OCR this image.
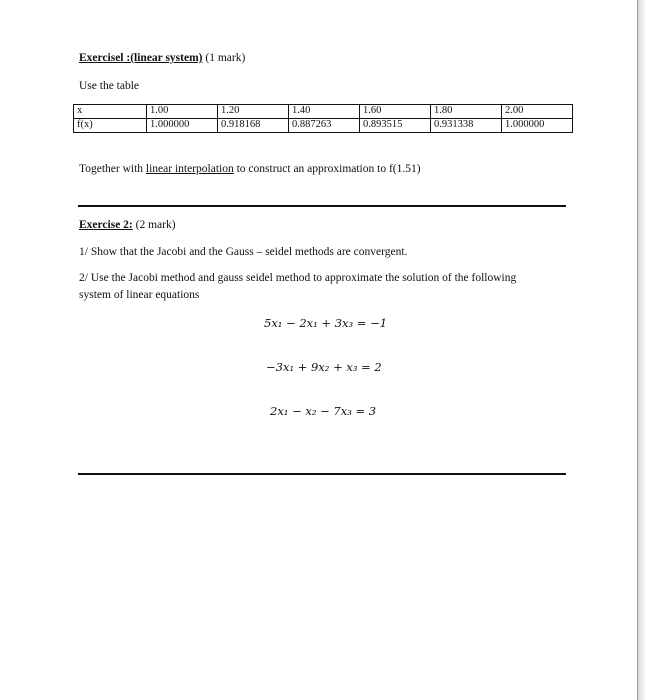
Exercisel :(linear system) (1 mark)
Use the table
x	1.00	1.20	1.40	1.60	1.80	2.00
f(x)	1.000000	0.918168	0.887263	0.893515	0.931338	1.000000
Together with linear interpolation to construct an approximation to f(1.51)
Exercise 2: (2 mark)
1/ Show that the Jacobi and the Gauss – seidel methods are convergent.
2/ Use the Jacobi method and gauss seidel method to approximate the solution of the following
system of linear equations
5x₁ − 2x₁ + 3x₃ = −1
−3x₁ + 9x₂ + x₃ = 2
2x₁ − x₂ − 7x₃ = 3
